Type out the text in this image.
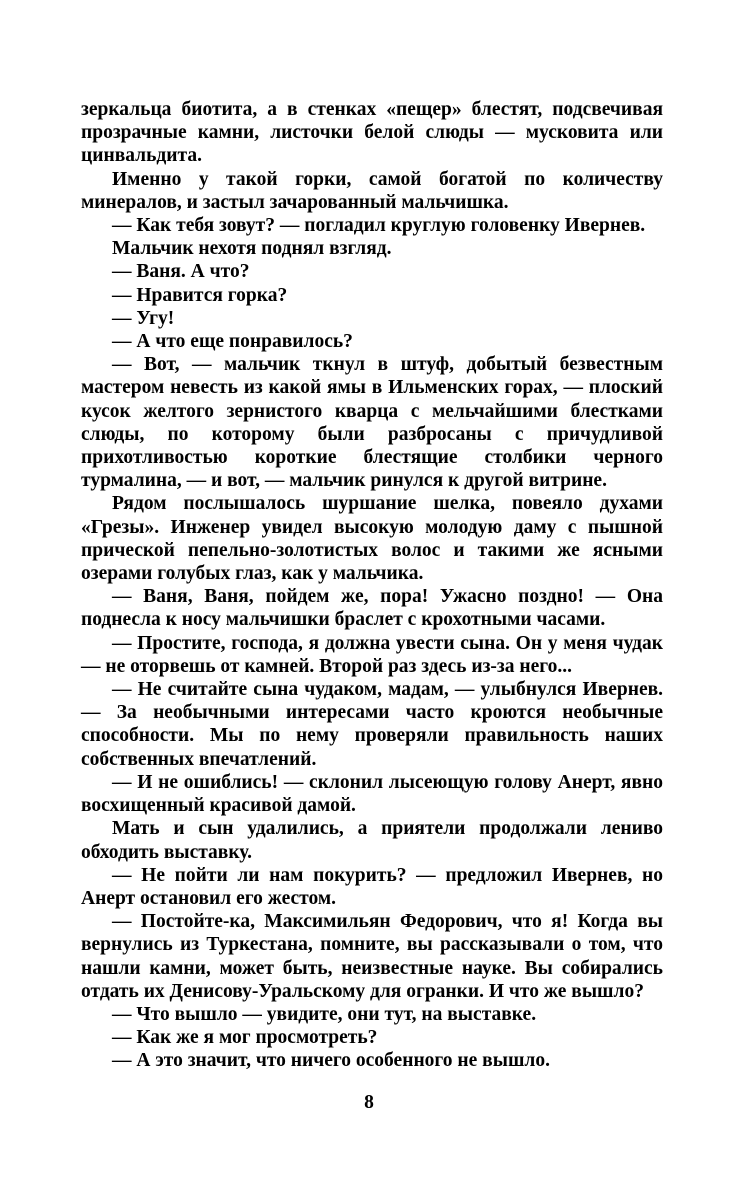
зеркальца биотита, а в стенках «пещер» блестят, подсвечивая прозрачные камни, листочки белой слюды — мусковита или цинвальдита.

Именно у такой горки, самой богатой по количеству минералов, и застыл зачарованный мальчишка.

— Как тебя зовут? — погладил круглую головенку Ивернев.

Мальчик нехотя поднял взгляд.

— Ваня. А что?

— Нравится горка?

— Угу!

— А что еще понравилось?

— Вот, — мальчик ткнул в штуф, добытый безвестным мастером невесть из какой ямы в Ильменских горах, — плоский кусок желтого зернистого кварца с мельчайшими блестками слюды, по которому были разбросаны с причудливой прихотливостью короткие блестящие столбики черного турмалина, — и вот, — мальчик ринулся к другой витрине.

Рядом послышалось шуршание шелка, повеяло духами «Грезы». Инженер увидел высокую молодую даму с пышной прической пепельно-золотистых волос и такими же ясными озерами голубых глаз, как у мальчика.

— Ваня, Ваня, пойдем же, пора! Ужасно поздно! — Она поднесла к носу мальчишки браслет с крохотными часами.

— Простите, господа, я должна увести сына. Он у меня чудак — не оторвешь от камней. Второй раз здесь из-за него...

— Не считайте сына чудаком, мадам, — улыбнулся Ивернев. — За необычными интересами часто кроются необычные способности. Мы по нему проверяли правильность наших собственных впечатлений.

— И не ошиблись! — склонил лысеющую голову Анерт, явно восхищенный красивой дамой.

Мать и сын удалились, а приятели продолжали лениво обходить выставку.

— Не пойти ли нам покурить? — предложил Ивернев, но Анерт остановил его жестом.

— Постойте-ка, Максимильян Федорович, что я! Когда вы вернулись из Туркестана, помните, вы рассказывали о том, что нашли камни, может быть, неизвестные науке. Вы собирались отдать их Денисову-Уральскому для огранки. И что же вышло?

— Что вышло — увидите, они тут, на выставке.

— Как же я мог просмотреть?

— А это значит, что ничего особенного не вышло.

8
